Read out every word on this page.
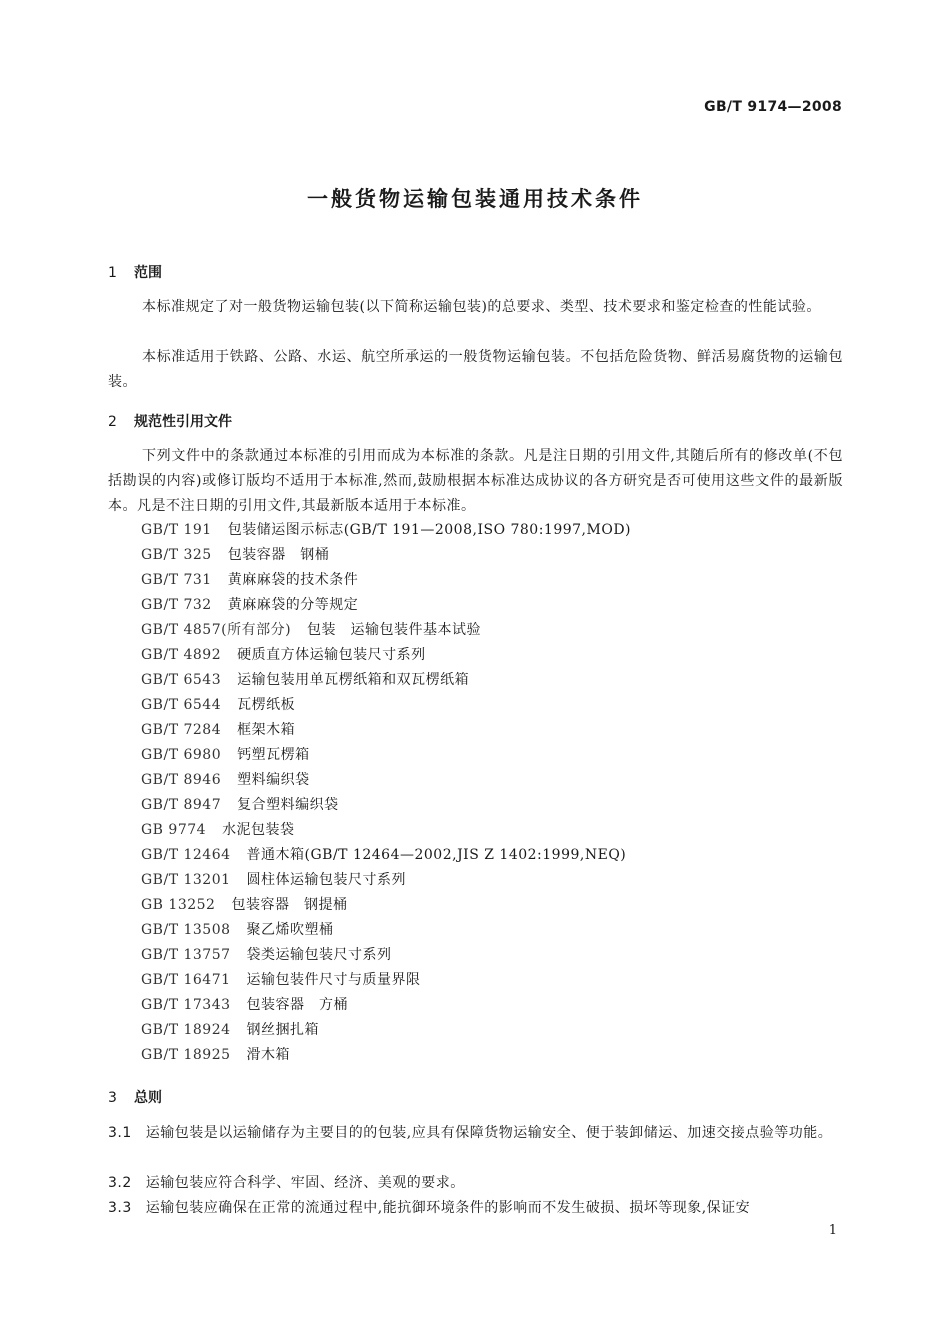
GB/T 9174—2008
一般货物运输包装通用技术条件
1 范围
本标准规定了对一般货物运输包装(以下简称运输包装)的总要求、类型、技术要求和鉴定检查的性能试验。
本标准适用于铁路、公路、水运、航空所承运的一般货物运输包装。不包括危险货物、鲜活易腐货物的运输包装。
2 规范性引用文件
下列文件中的条款通过本标准的引用而成为本标准的条款。凡是注日期的引用文件,其随后所有的修改单(不包括勘误的内容)或修订版均不适用于本标准,然而,鼓励根据本标准达成协议的各方研究是否可使用这些文件的最新版本。凡是不注日期的引用文件,其最新版本适用于本标准。
GB/T 191 包装储运图示标志(GB/T 191—2008,ISO 780:1997,MOD)
GB/T 325 包装容器　钢桶
GB/T 731 黄麻麻袋的技术条件
GB/T 732 黄麻麻袋的分等规定
GB/T 4857(所有部分) 包装　运输包装件基本试验
GB/T 4892 硬质直方体运输包装尺寸系列
GB/T 6543 运输包装用单瓦楞纸箱和双瓦楞纸箱
GB/T 6544 瓦楞纸板
GB/T 7284 框架木箱
GB/T 6980 钙塑瓦楞箱
GB/T 8946 塑料编织袋
GB/T 8947 复合塑料编织袋
GB 9774 水泥包装袋
GB/T 12464 普通木箱(GB/T 12464—2002,JIS Z 1402:1999,NEQ)
GB/T 13201 圆柱体运输包装尺寸系列
GB 13252 包装容器　钢提桶
GB/T 13508 聚乙烯吹塑桶
GB/T 13757 袋类运输包装尺寸系列
GB/T 16471 运输包装件尺寸与质量界限
GB/T 17343 包装容器　方桶
GB/T 18924 钢丝捆扎箱
GB/T 18925 滑木箱
3 总则
3.1 运输包装是以运输储存为主要目的的包装,应具有保障货物运输安全、便于装卸储运、加速交接点验等功能。
3.2 运输包装应符合科学、牢固、经济、美观的要求。
3.3 运输包装应确保在正常的流通过程中,能抗御环境条件的影响而不发生破损、损坏等现象,保证安
1
